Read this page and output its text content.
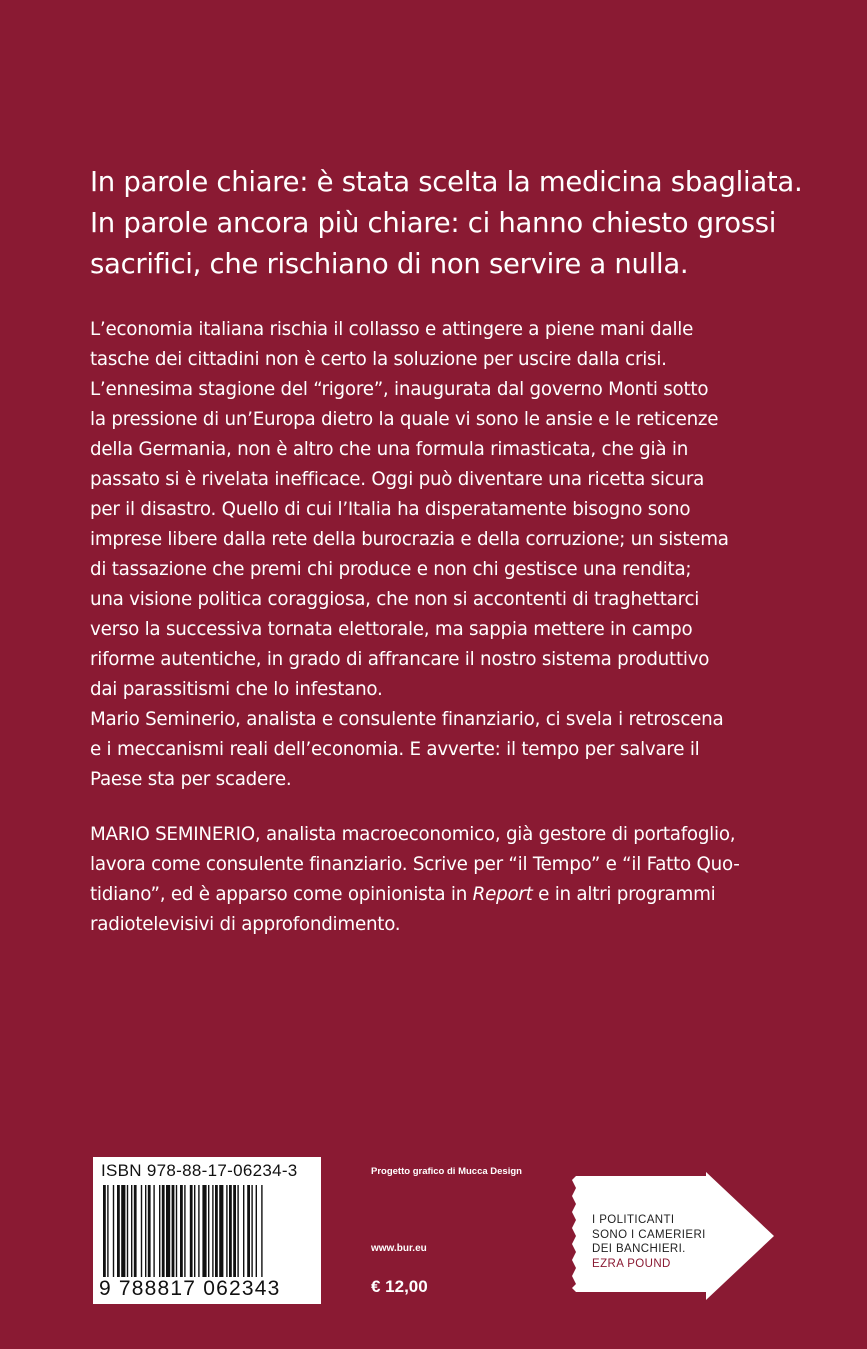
In parole chiare: è stata scelta la medicina sbagliata.
In parole ancora più chiare: ci hanno chiesto grossi
sacrifici, che rischiano di non servire a nulla.
L’economia italiana rischia il collasso e attingere a piene mani dalle
tasche dei cittadini non è certo la soluzione per uscire dalla crisi.
L’ennesima stagione del “rigore”, inaugurata dal governo Monti sotto
la pressione di un’Europa dietro la quale vi sono le ansie e le reticenze
della Germania, non è altro che una formula rimasticata, che già in
passato si è rivelata inefficace. Oggi può diventare una ricetta sicura
per il disastro. Quello di cui l’Italia ha disperatamente bisogno sono
imprese libere dalla rete della burocrazia e della corruzione; un sistema
di tassazione che premi chi produce e non chi gestisce una rendita;
una visione politica coraggiosa, che non si accontenti di traghettarci
verso la successiva tornata elettorale, ma sappia mettere in campo
riforme autentiche, in grado di affrancare il nostro sistema produttivo
dai parassitismi che lo infestano.
Mario Seminerio, analista e consulente finanziario, ci svela i retroscena
e i meccanismi reali dell’economia. E avverte: il tempo per salvare il
Paese sta per scadere.
MARIO SEMINERIO, analista macroeconomico, già gestore di portafoglio,
lavora come consulente finanziario. Scrive per “il Tempo” e “il Fatto Quo-
tidiano”, ed è apparso come opinionista in Report e in altri programmi
radiotelevisivi di approfondimento.
ISBN 978-88-17-06234-3
9 788817 062343
Progetto grafico di Mucca Design
www.bur.eu
€ 12,00
I POLITICANTI
SONO I CAMERIERI
DEI BANCHIERI.
EZRA POUND
